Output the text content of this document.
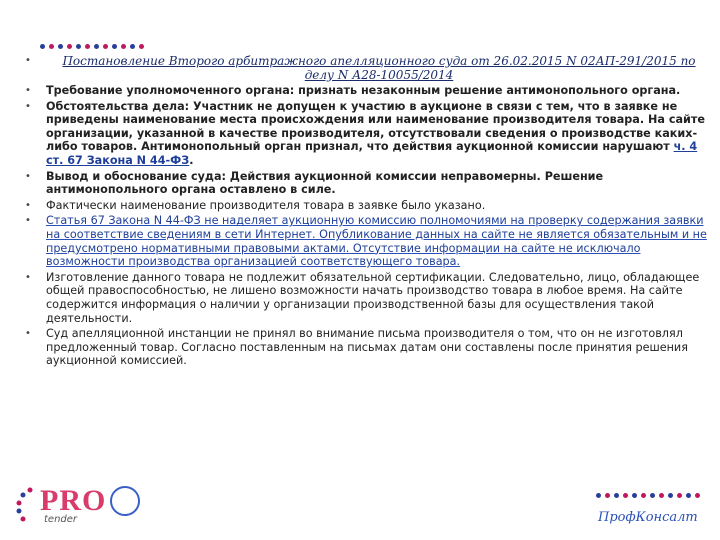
•	Постановление Второго арбитражного апелляционного суда от 26.02.2015 N 02АП-291/2015 по делу N А28-10055/2014
• Требование уполномоченного органа: признать незаконным решение антимонопольного органа.
• Обстоятельства дела: Участник не допущен к участию в аукционе в связи с тем, что в заявке не приведены наименование места происхождения или наименование производителя товара. На сайте организации, указанной в качестве производителя, отсутствовали сведения о производстве каких-либо товаров. Антимонопольный орган признал, что действия аукционной комиссии нарушают ч. 4 ст. 67 Закона N 44-ФЗ.
• Вывод и обоснование суда: Действия аукционной комиссии неправомерны. Решение антимонопольного органа оставлено в силе.
• Фактически наименование производителя товара в заявке было указано.
• Статья 67 Закона N 44-ФЗ не наделяет аукционную комиссию полномочиями на проверку содержания заявки на соответствие сведениям в сети Интернет. Опубликование данных на сайте не является обязательным и не предусмотрено нормативными правовыми актами. Отсутствие информации на сайте не исключало возможности производства организацией соответствующего товара.
• Изготовление данного товара не подлежит обязательной сертификации. Следовательно, лицо, обладающее общей правоспособностью, не лишено возможности начать производство товара в любое время. На сайте содержится информация о наличии у организации производственной базы для осуществления такой деятельности.
• Суд апелляционной инстанции не принял во внимание письма производителя о том, что он не изготовлял предложенный товар. Согласно поставленным на письмах датам они составлены после принятия решения аукционной комиссией.
PRO
tender	ПрофКонсалт
